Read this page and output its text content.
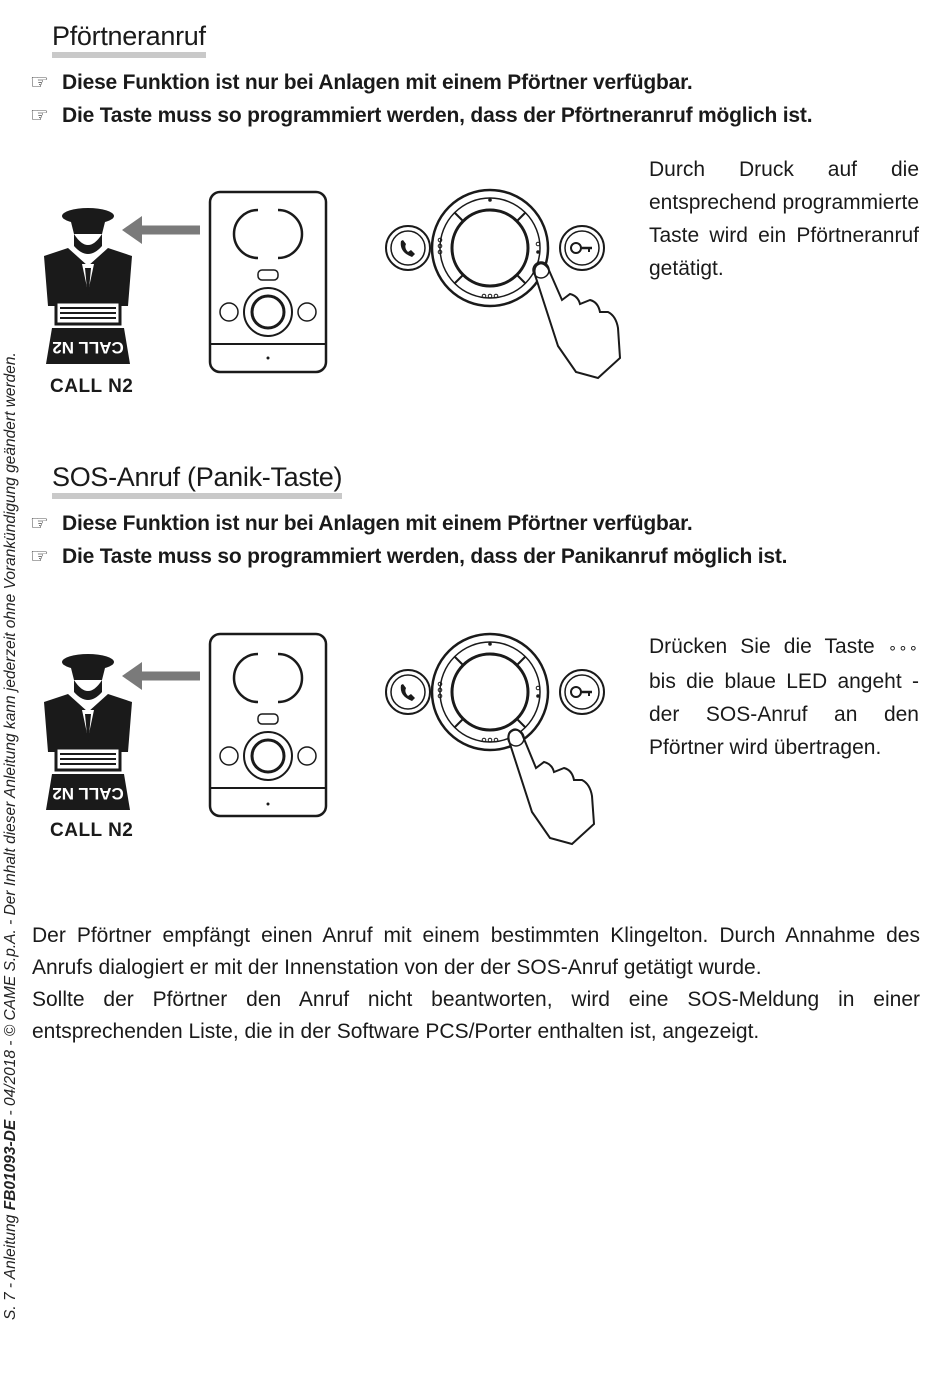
S. 7 - Anleitung FB01093-DE - 04/2018 - © CAME S.p.A. - Der Inhalt dieser Anleitung kann jederzeit ohne Vorankündigung geändert werden.
Pförtneranruf
☞ Diese Funktion ist nur bei Anlagen mit einem Pförtner verfügbar.
☞ Die Taste muss so programmiert werden, dass der Pförtneranruf möglich ist.
Durch Druck auf die entsprechend programmierte Taste wird ein Pförtneranruf getätigt.
CALL N2
CALL N2
SOS-Anruf (Panik-Taste)
☞ Diese Funktion ist nur bei Anlagen mit einem Pförtner verfügbar.
☞ Die Taste muss so programmiert werden, dass der Panikanruf möglich ist.
Drücken Sie die Taste ∘∘∘ bis die blaue LED angeht - der SOS-Anruf an den Pförtner wird übertragen.
CALL N2
CALL N2
Der Pförtner empfängt einen Anruf mit einem bestimmten Klingelton. Durch Annahme des Anrufs dialogiert er mit der Innenstation von der der SOS-Anruf getätigt wurde.
Sollte der Pförtner den Anruf nicht beantworten, wird eine SOS-Meldung in einer entsprechenden Liste, die in der Software PCS/Porter enthalten ist, angezeigt.
